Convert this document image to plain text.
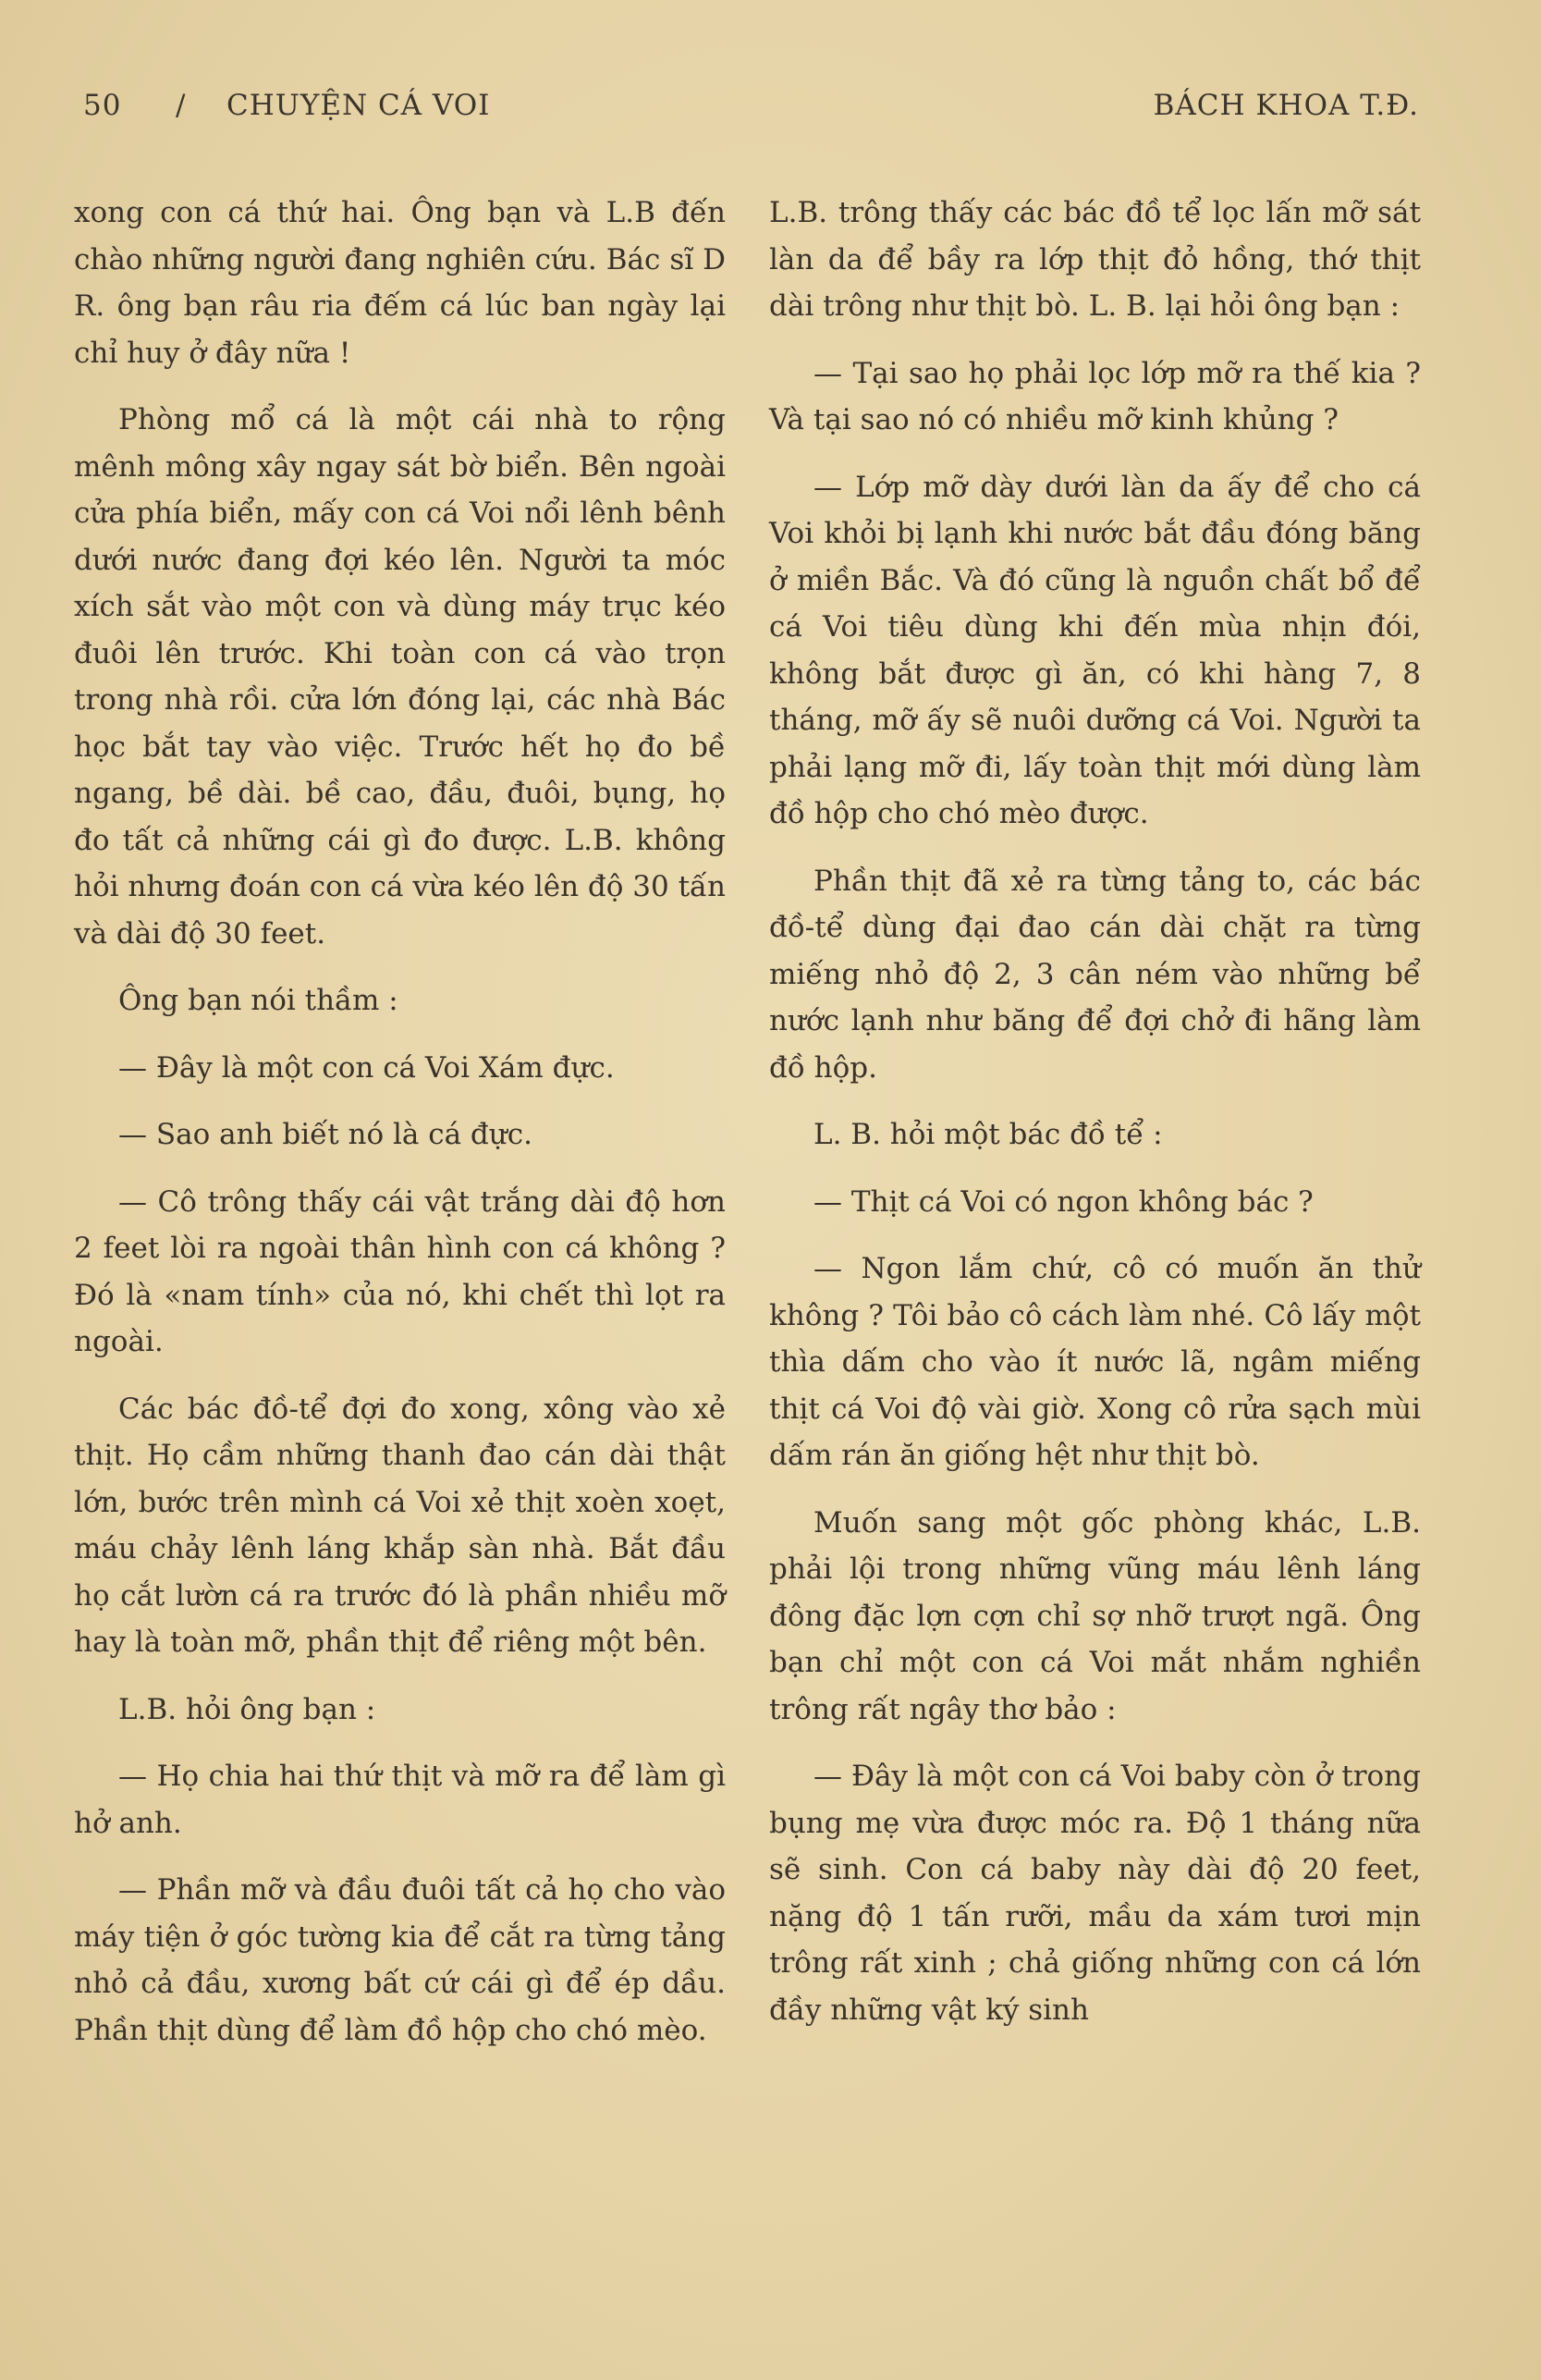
50 / CHUYỆN CÁ VOI	BÁCH KHOA T.Đ.

xong con cá thứ hai. Ông bạn và L.B đến chào những người đang nghiên cứu. Bác sĩ D R. ông bạn râu ria đếm cá lúc ban ngày lại chỉ huy ở đây nữa !

Phòng mổ cá là một cái nhà to rộng mênh mông xây ngay sát bờ biển. Bên ngoài cửa phía biển, mấy con cá Voi nổi lênh bênh dưới nước đang đợi kéo lên. Người ta móc xích sắt vào một con và dùng máy trục kéo đuôi lên trước. Khi toàn con cá vào trọn trong nhà rồi. cửa lớn đóng lại, các nhà Bác học bắt tay vào việc. Trước hết họ đo bề ngang, bề dài. bề cao, đầu, đuôi, bụng, họ đo tất cả những cái gì đo được. L.B. không hỏi nhưng đoán con cá vừa kéo lên độ 30 tấn và dài độ 30 feet.

Ông bạn nói thầm :

— Đây là một con cá Voi Xám đực.

— Sao anh biết nó là cá đực.

— Cô trông thấy cái vật trắng dài độ hơn 2 feet lòi ra ngoài thân hình con cá không ? Đó là «nam tính» của nó, khi chết thì lọt ra ngoài.

Các bác đồ-tể đợi đo xong, xông vào xẻ thịt. Họ cầm những thanh đao cán dài thật lớn, bước trên mình cá Voi xẻ thịt xoèn xoẹt, máu chảy lênh láng khắp sàn nhà. Bắt đầu họ cắt lườn cá ra trước đó là phần nhiều mỡ hay là toàn mỡ, phần thịt để riêng một bên.

L.B. hỏi ông bạn :

— Họ chia hai thứ thịt và mỡ ra để làm gì hở anh.

— Phần mỡ và đầu đuôi tất cả họ cho vào máy tiện ở góc tường kia để cắt ra từng tảng nhỏ cả đầu, xương bất cứ cái gì để ép dầu. Phần thịt dùng để làm đồ hộp cho chó mèo.

L.B. trông thấy các bác đồ tể lọc lấn mỡ sát làn da để bầy ra lớp thịt đỏ hồng, thớ thịt dài trông như thịt bò. L. B. lại hỏi ông bạn :

— Tại sao họ phải lọc lớp mỡ ra thế kia ? Và tại sao nó có nhiều mỡ kinh khủng ?

— Lớp mỡ dày dưới làn da ấy để cho cá Voi khỏi bị lạnh khi nước bắt đầu đóng băng ở miền Bắc. Và đó cũng là nguồn chất bổ để cá Voi tiêu dùng khi đến mùa nhịn đói, không bắt được gì ăn, có khi hàng 7, 8 tháng, mỡ ấy sẽ nuôi dưỡng cá Voi. Người ta phải lạng mỡ đi, lấy toàn thịt mới dùng làm đồ hộp cho chó mèo được.

Phần thịt đã xẻ ra từng tảng to, các bác đồ-tể dùng đại đao cán dài chặt ra từng miếng nhỏ độ 2, 3 cân ném vào những bể nước lạnh như băng để đợi chở đi hãng làm đồ hộp.

L. B. hỏi một bác đồ tể :

— Thịt cá Voi có ngon không bác ?

— Ngon lắm chứ, cô có muốn ăn thử không ? Tôi bảo cô cách làm nhé. Cô lấy một thìa dấm cho vào ít nước lã, ngâm miếng thịt cá Voi độ vài giờ. Xong cô rửa sạch mùi dấm rán ăn giống hệt như thịt bò.

Muốn sang một gốc phòng khác, L.B. phải lội trong những vũng máu lênh láng đông đặc lợn cợn chỉ sợ nhỡ trượt ngã. Ông bạn chỉ một con cá Voi mắt nhắm nghiền trông rất ngây thơ bảo :

— Đây là một con cá Voi baby còn ở trong bụng mẹ vừa được móc ra. Độ 1 tháng nữa sẽ sinh. Con cá baby này dài độ 20 feet, nặng độ 1 tấn rưỡi, mầu da xám tươi mịn trông rất xinh ; chả giống những con cá lớn đầy những vật ký sinh
